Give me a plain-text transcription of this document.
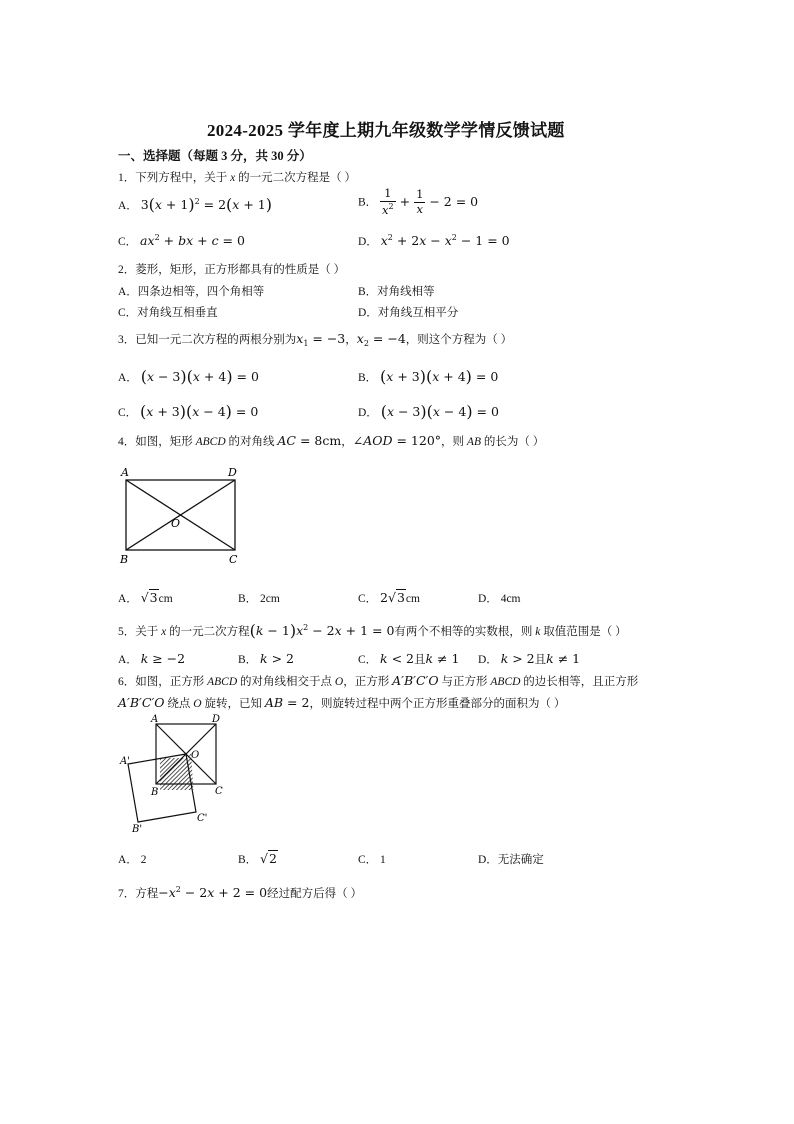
2024-2025 学年度上期九年级数学学情反馈试题
一、选择题（每题 3 分，共 30 分）
1．下列方程中，关于 x 的一元二次方程是（ ）
A． $3(x + 1)^2 = 2(x + 1)$	B． $\frac{1}{x^2} + \frac{1}{x} - 2 = 0$
C． $ax^2$ + bx + c = 0	D． $x^2 + 2x - x^2 - 1 = 0$
2．菱形，矩形，正方形都具有的性质是（ ）
A．四条边相等，四个角相等	B．对角线相等
C．对角线互相垂直	D．对角线互相平分
3．已知一元二次方程的两根分别为$x_1 = -3$，$x_2 = -4$，则这个方程为（ ）
A． (x − 3)(x + 4) = 0	B． (x + 3)(x + 4) = 0
C． (x + 3)(x − 4) = 0	D． (x − 3)(x − 4) = 0
4．如图，矩形 ABCD 的对角线 AC = 8cm，∠AOD = 120°，则 AB 的长为（ ）
A	D
B	C
O
A． √3cm	B． 2cm	C． 2√3cm	D． 4cm
5．关于 x 的一元二次方程$(k - 1)x^2 - 2x + 1 = 0$有两个不相等的实数根，则 k 取值范围是（ ）
A． k ≥ −2	B． k > 2	C． k < 2且k ≠ 1 D． k > 2且k ≠ 1
6．如图，正方形 ABCD 的对角线相交于点 O，正方形 A′B′C′O 与正方形 ABCD 的边长相等，且正方形
A′B′C′O 绕点 O 旋转，已知 AB = 2，则旋转过程中两个正方形重叠部分的面积为（ ）
A	D
O
B	C
A'
B'
C'
A． 2	B． √2	C． 1	D．无法确定
7．方程$-x^2 - 2x + 2 = 0$经过配方后得（ ）
